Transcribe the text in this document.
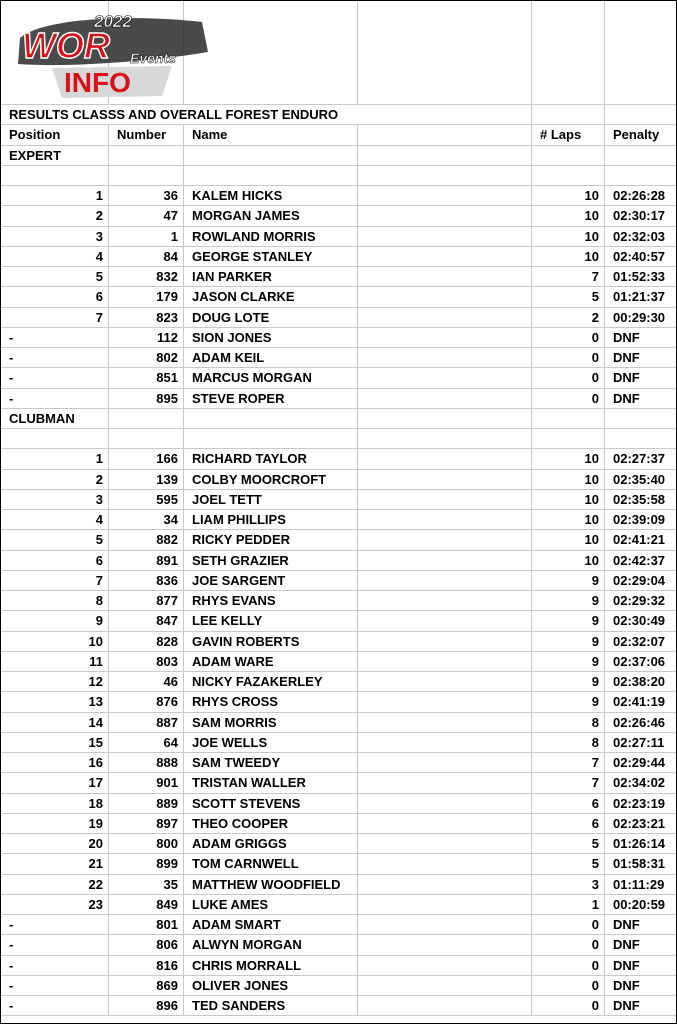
2022
WOR Events
INFO
RESULTS CLASSS AND OVERALL FOREST ENDURO					
Position	Number	Name		# Laps	Penalty
EXPERT					

1	36	KALEM HICKS		10	02:26:28
2	47	MORGAN JAMES		10	02:30:17
3	1	ROWLAND MORRIS		10	02:32:03
4	84	GEORGE STANLEY		10	02:40:57
5	832	IAN PARKER		7	01:52:33
6	179	JASON CLARKE		5	01:21:37
7	823	DOUG LOTE		2	00:29:30
-	112	SION JONES		0	DNF
-	802	ADAM KEIL		0	DNF
-	851	MARCUS MORGAN		0	DNF
-	895	STEVE ROPER		0	DNF
CLUBMAN					

1	166	RICHARD TAYLOR		10	02:27:37
2	139	COLBY MOORCROFT		10	02:35:40
3	595	JOEL TETT		10	02:35:58
4	34	LIAM PHILLIPS		10	02:39:09
5	882	RICKY PEDDER		10	02:41:21
6	891	SETH GRAZIER		10	02:42:37
7	836	JOE SARGENT		9	02:29:04
8	877	RHYS EVANS		9	02:29:32
9	847	LEE KELLY		9	02:30:49
10	828	GAVIN ROBERTS		9	02:32:07
11	803	ADAM WARE		9	02:37:06
12	46	NICKY FAZAKERLEY		9	02:38:20
13	876	RHYS CROSS		9	02:41:19
14	887	SAM MORRIS		8	02:26:46
15	64	JOE WELLS		8	02:27:11
16	888	SAM TWEEDY		7	02:29:44
17	901	TRISTAN WALLER		7	02:34:02
18	889	SCOTT STEVENS		6	02:23:19
19	897	THEO COOPER		6	02:23:21
20	800	ADAM GRIGGS		5	01:26:14
21	899	TOM CARNWELL		5	01:58:31
22	35	MATTHEW WOODFIELD		3	01:11:29
23	849	LUKE AMES		1	00:20:59
-	801	ADAM SMART		0	DNF
-	806	ALWYN MORGAN		0	DNF
-	816	CHRIS MORRALL		0	DNF
-	869	OLIVER JONES		0	DNF
-	896	TED SANDERS		0	DNF
